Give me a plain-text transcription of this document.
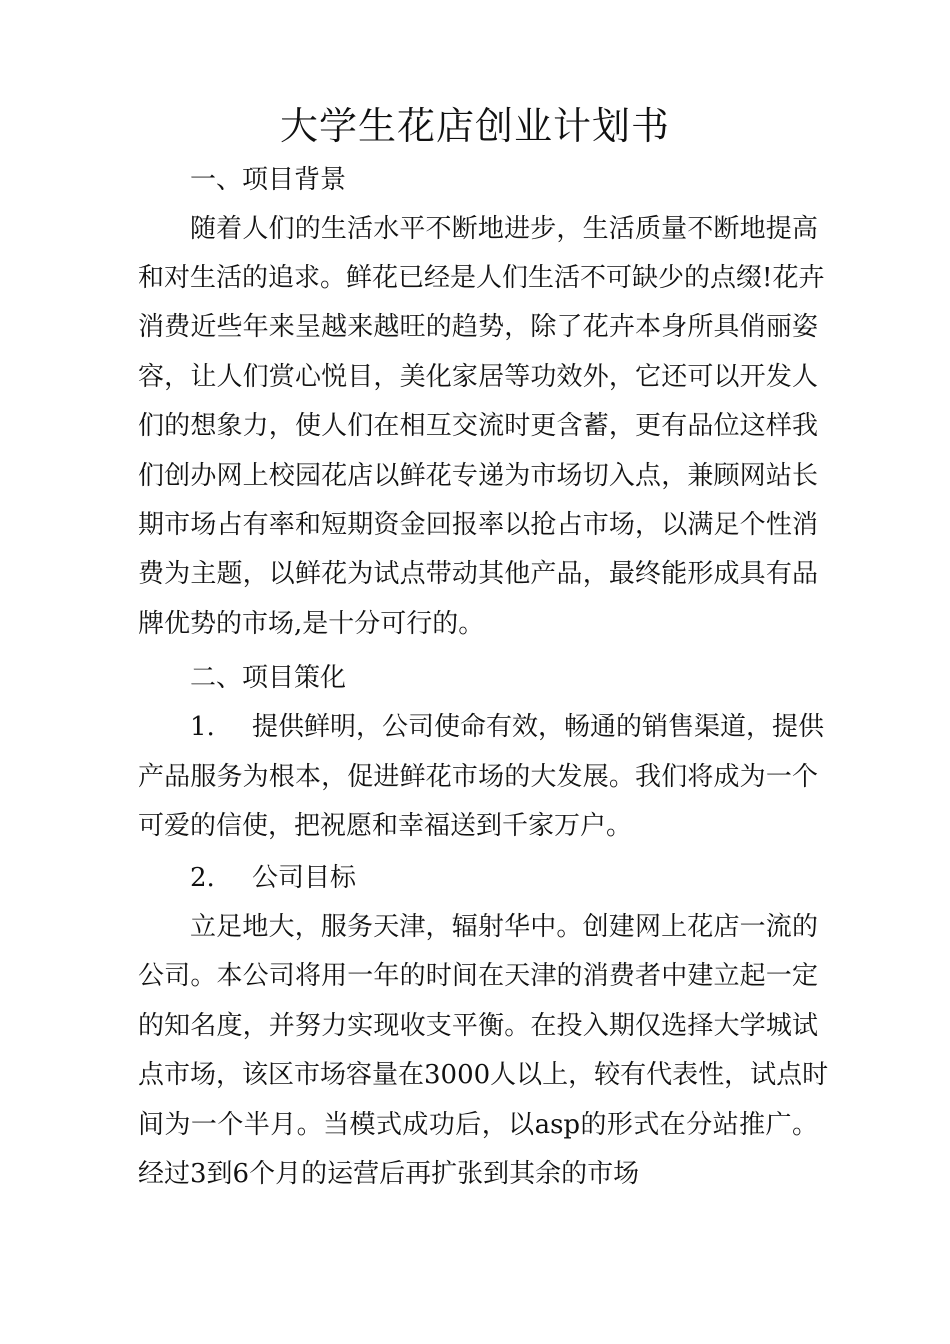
大学生花店创业计划书
一、项目背景
随着人们的生活水平不断地进步，生活质量不断地提高
和对生活的追求。鲜花已经是人们生活不可缺少的点缀!花卉
消费近些年来呈越来越旺的趋势，除了花卉本身所具俏丽姿
容，让人们赏心悦目，美化家居等功效外，它还可以开发人
们的想象力，使人们在相互交流时更含蓄，更有品位这样我
们创办网上校园花店以鲜花专递为市场切入点，兼顾网站长
期市场占有率和短期资金回报率以抢占市场，以满足个性消
费为主题，以鲜花为试点带动其他产品，最终能形成具有品
牌优势的市场,是十分可行的。
二、项目策化
1. 提供鲜明，公司使命有效，畅通的销售渠道，提供
产品服务为根本，促进鲜花市场的大发展。我们将成为一个
可爱的信使，把祝愿和幸福送到千家万户。
2. 公司目标
立足地大，服务天津，辐射华中。创建网上花店一流的
公司。本公司将用一年的时间在天津的消费者中建立起一定
的知名度，并努力实现收支平衡。在投入期仅选择大学城试
点市场，该区市场容量在3000人以上，较有代表性，试点时
间为一个半月。当模式成功后，以asp的形式在分站推广。
经过3到6个月的运营后再扩张到其余的市场
